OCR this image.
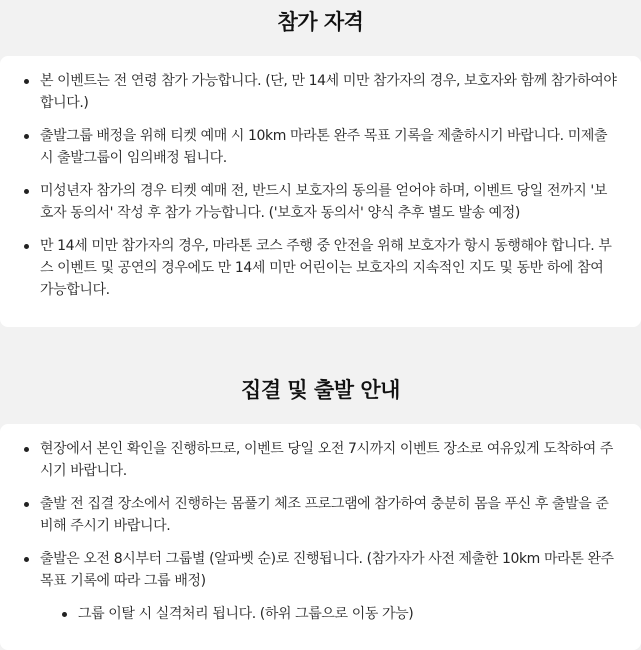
참가 자격
본 이벤트는 전 연령 참가 가능합니다. (단, 만 14세 미만 참가자의 경우, 보호자와 함께 참가하여야 합니다.)
출발그룹 배정을 위해 티켓 예매 시 10km 마라톤 완주 목표 기록을 제출하시기 바랍니다. 미제출 시 출발그룹이 임의배정 됩니다.
미성년자 참가의 경우 티켓 예매 전, 반드시 보호자의 동의를 얻어야 하며, 이벤트 당일 전까지 '보호자 동의서' 작성 후 참가 가능합니다. ('보호자 동의서' 양식 추후 별도 발송 예정)
만 14세 미만 참가자의 경우, 마라톤 코스 주행 중 안전을 위해 보호자가 항시 동행해야 합니다. 부스 이벤트 및 공연의 경우에도 만 14세 미만 어린이는 보호자의 지속적인 지도 및 동반 하에 참여 가능합니다.
집결 및 출발 안내
현장에서 본인 확인을 진행하므로, 이벤트 당일 오전 7시까지 이벤트 장소로 여유있게 도착하여 주시기 바랍니다.
출발 전 집결 장소에서 진행하는 몸풀기 체조 프로그램에 참가하여 충분히 몸을 푸신 후 출발을 준비해 주시기 바랍니다.
출발은 오전 8시부터 그룹별 (알파벳 순)로 진행됩니다. (참가자가 사전 제출한 10km 마라톤 완주 목표 기록에 따라 그룹 배정)
그룹 이탈 시 실격처리 됩니다. (하위 그룹으로 이동 가능)
